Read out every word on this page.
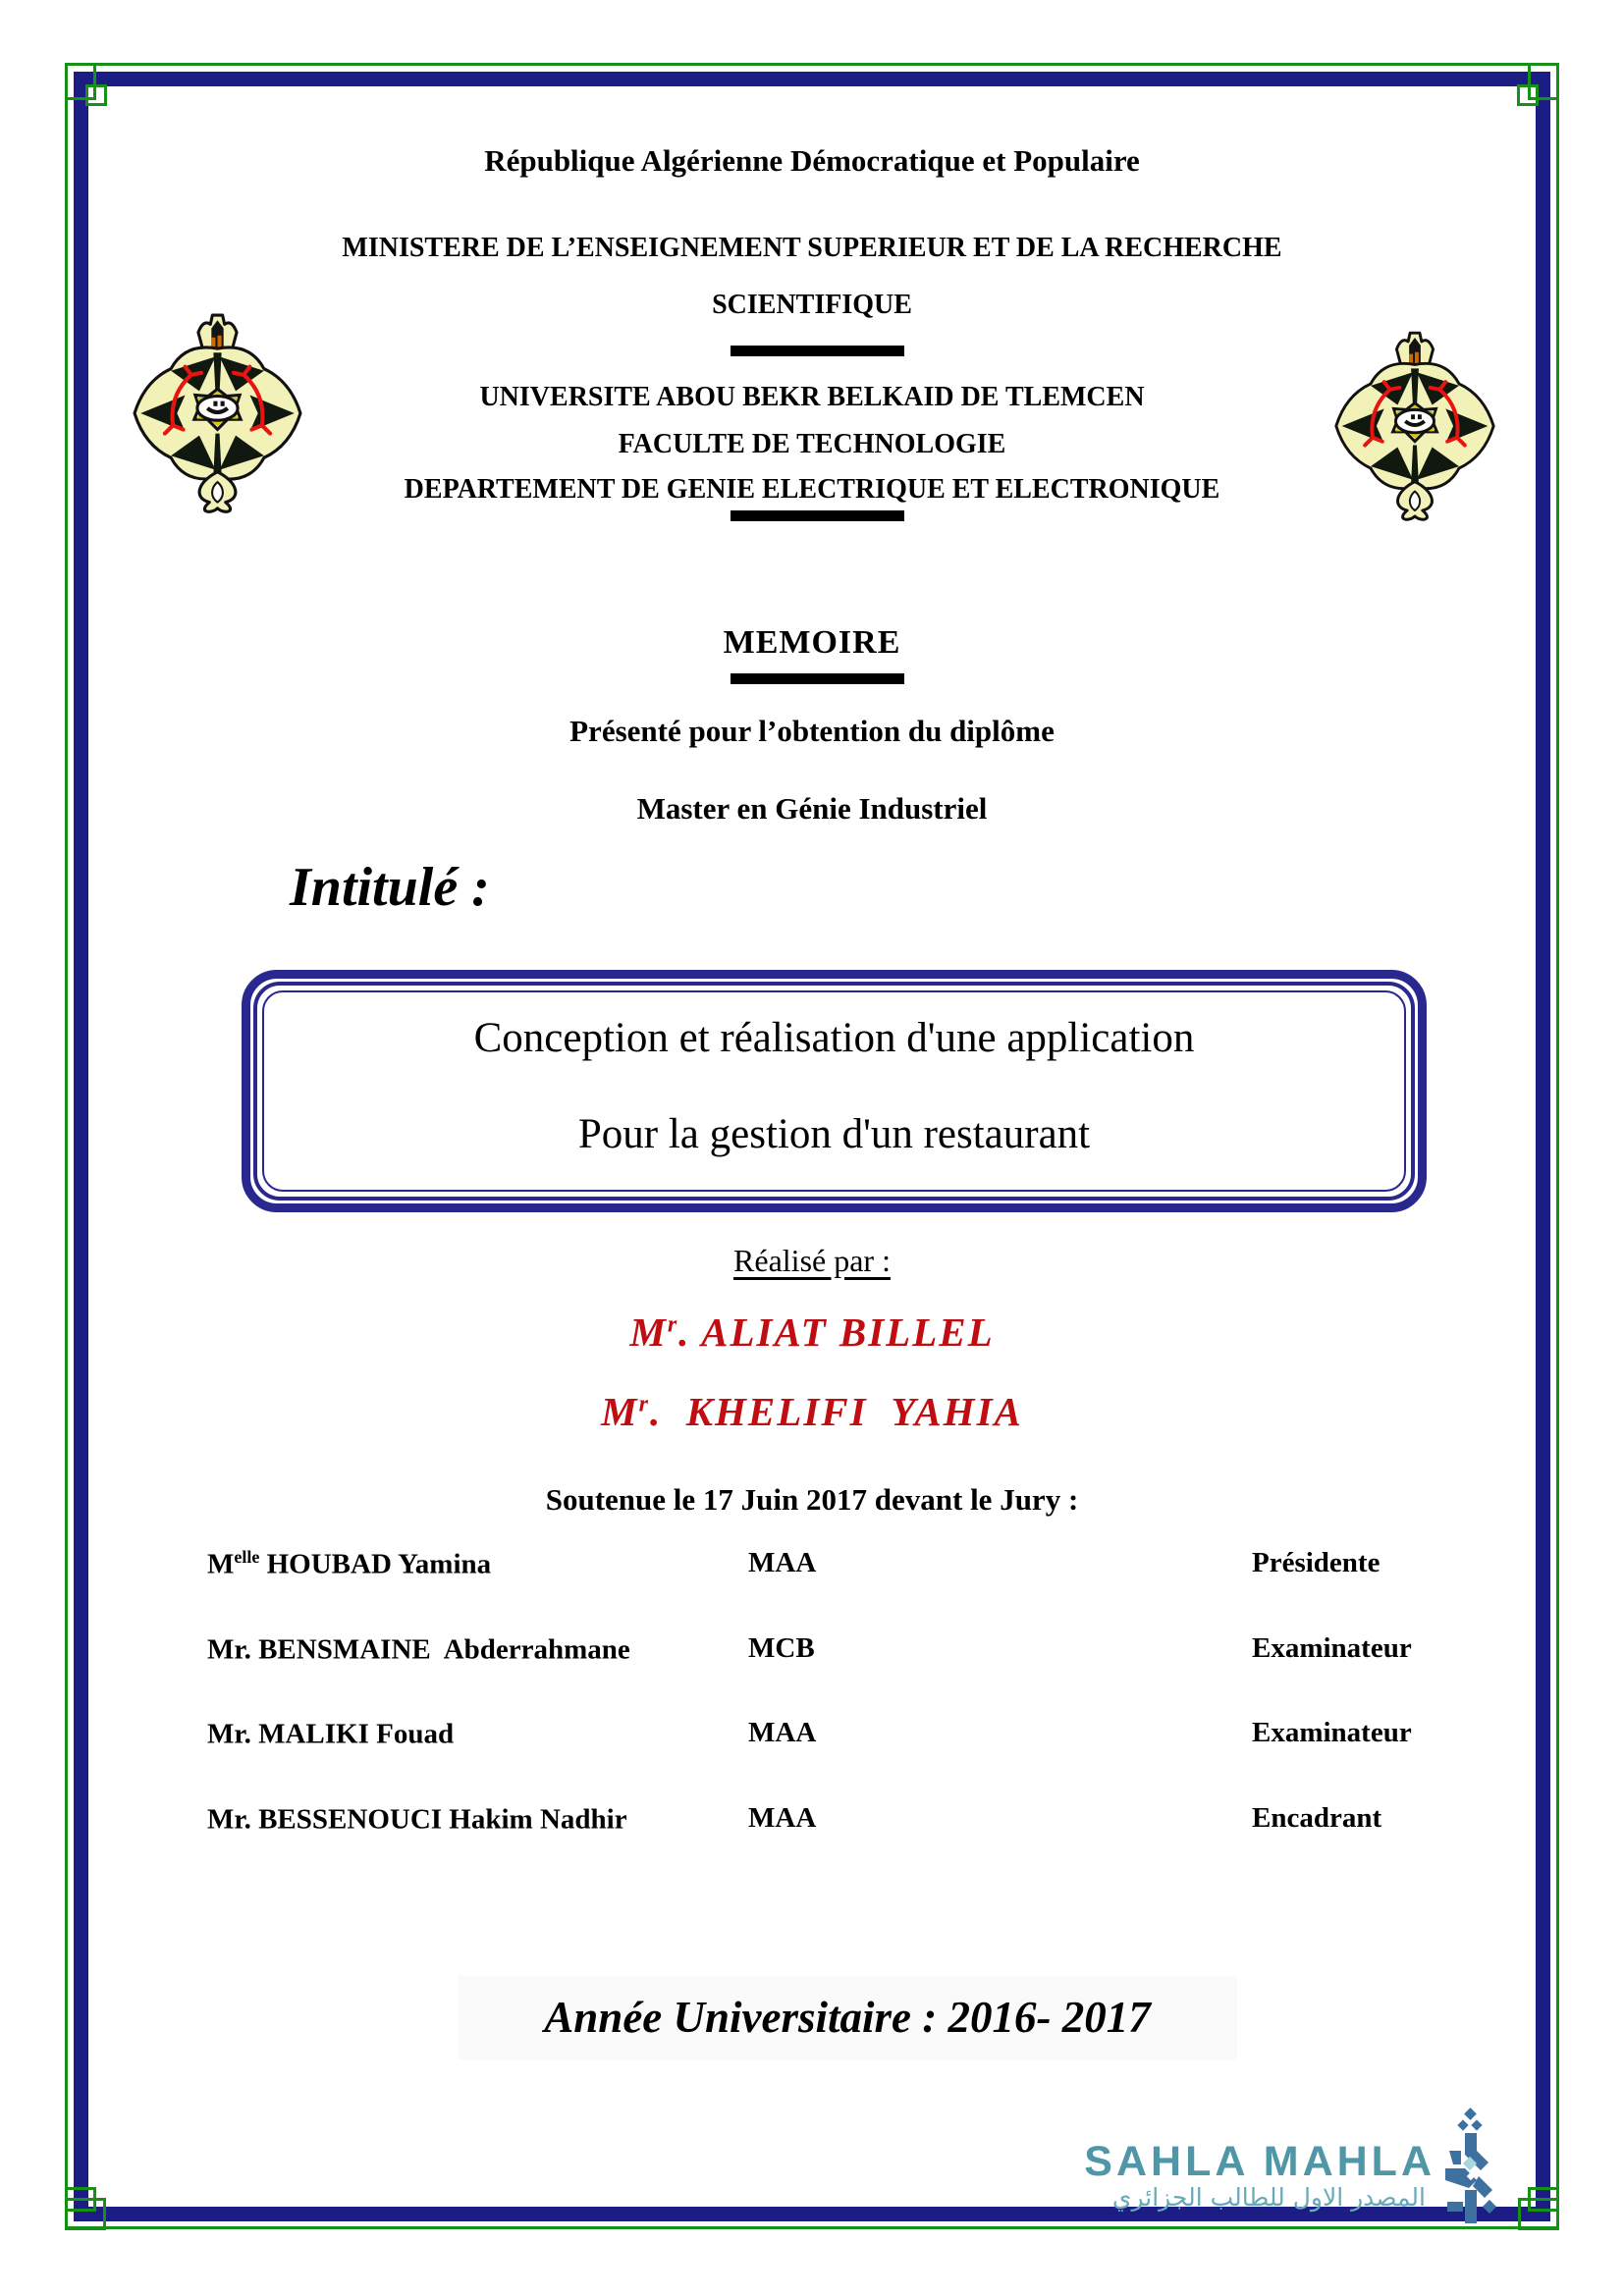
République Algérienne Démocratique et Populaire
MINISTERE DE L’ENSEIGNEMENT SUPERIEUR ET DE LA RECHERCHE
SCIENTIFIQUE
UNIVERSITE ABOU BEKR BELKAID DE TLEMCEN
FACULTE DE TECHNOLOGIE
DEPARTEMENT DE GENIE ELECTRIQUE ET ELECTRONIQUE
MEMOIRE
Présenté pour l’obtention du diplôme
Master en Génie Industriel
Intitulé :
Conception et réalisation d'une application
Pour la gestion d'un restaurant
Réalisé par :
$M^r$. ALIAT BILLEL
$M^r$.  KHELIFI  YAHIA
Soutenue le 17 Juin 2017 devant le Jury :
$M^{elle}$ HOUBAD Yamina	MAA	Présidente
Mr. BENSMAINE  Abderrahmane	MCB	Examinateur
Mr. MALIKI Fouad	MAA	Examinateur
Mr. BESSENOUCI Hakim Nadhir	MAA	Encadrant
Année Universitaire : 2016- 2017
SAHLA MAHLA
المصدر الاول للطالب الجزائري
